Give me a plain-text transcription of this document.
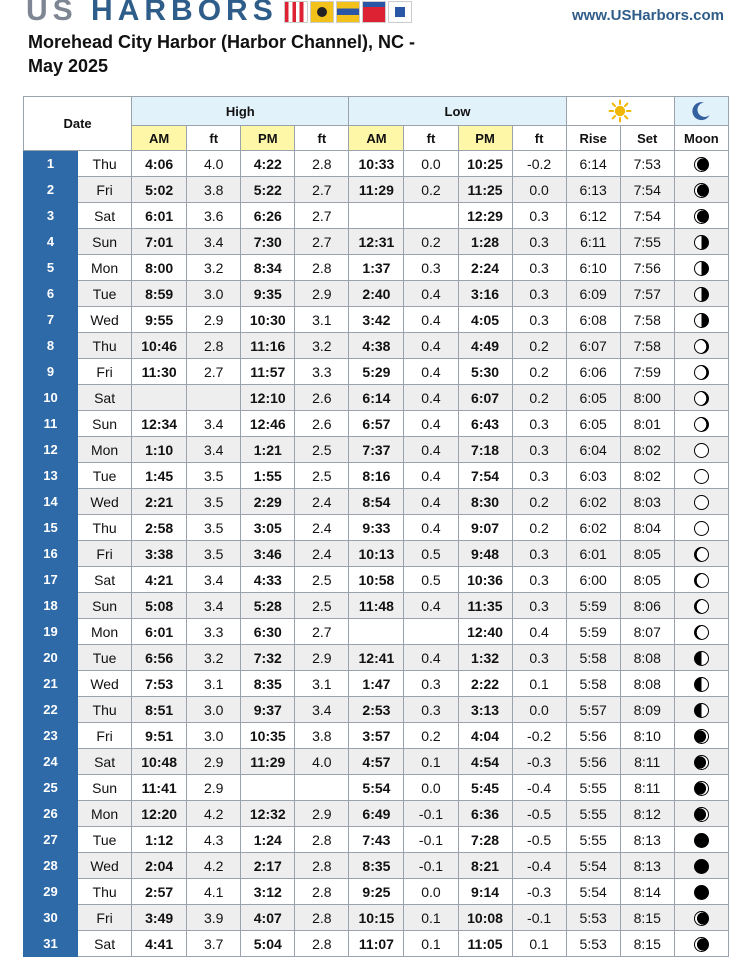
US HARBORS	www.USHarbors.com
Morehead City Harbor (Harbor Channel), NC -
May 2025
Date		High				Low		
		AM	ft	PM	ft	AM	ft	PM	ft	Rise	Set	Moon
1	Thu	4:06	4.0	4:22	2.8	10:33	0.0	10:25	-0.2	6:14	7:53	
2	Fri	5:02	3.8	5:22	2.7	11:29	0.2	11:25	0.0	6:13	7:54	
3	Sat	6:01	3.6	6:26	2.7			12:29	0.3	6:12	7:54	
4	Sun	7:01	3.4	7:30	2.7	12:31	0.2	1:28	0.3	6:11	7:55	
5	Mon	8:00	3.2	8:34	2.8	1:37	0.3	2:24	0.3	6:10	7:56	
6	Tue	8:59	3.0	9:35	2.9	2:40	0.4	3:16	0.3	6:09	7:57	
7	Wed	9:55	2.9	10:30	3.1	3:42	0.4	4:05	0.3	6:08	7:58	
8	Thu	10:46	2.8	11:16	3.2	4:38	0.4	4:49	0.2	6:07	7:58	
9	Fri	11:30	2.7	11:57	3.3	5:29	0.4	5:30	0.2	6:06	7:59	
10	Sat			12:10	2.6	6:14	0.4	6:07	0.2	6:05	8:00	
11	Sun	12:34	3.4	12:46	2.6	6:57	0.4	6:43	0.3	6:05	8:01	
12	Mon	1:10	3.4	1:21	2.5	7:37	0.4	7:18	0.3	6:04	8:02	
13	Tue	1:45	3.5	1:55	2.5	8:16	0.4	7:54	0.3	6:03	8:02	
14	Wed	2:21	3.5	2:29	2.4	8:54	0.4	8:30	0.2	6:02	8:03	
15	Thu	2:58	3.5	3:05	2.4	9:33	0.4	9:07	0.2	6:02	8:04	
16	Fri	3:38	3.5	3:46	2.4	10:13	0.5	9:48	0.3	6:01	8:05	
17	Sat	4:21	3.4	4:33	2.5	10:58	0.5	10:36	0.3	6:00	8:05	
18	Sun	5:08	3.4	5:28	2.5	11:48	0.4	11:35	0.3	5:59	8:06	
19	Mon	6:01	3.3	6:30	2.7			12:40	0.4	5:59	8:07	
20	Tue	6:56	3.2	7:32	2.9	12:41	0.4	1:32	0.3	5:58	8:08	
21	Wed	7:53	3.1	8:35	3.1	1:47	0.3	2:22	0.1	5:58	8:08	
22	Thu	8:51	3.0	9:37	3.4	2:53	0.3	3:13	0.0	5:57	8:09	
23	Fri	9:51	3.0	10:35	3.8	3:57	0.2	4:04	-0.2	5:56	8:10	
24	Sat	10:48	2.9	11:29	4.0	4:57	0.1	4:54	-0.3	5:56	8:11	
25	Sun	11:41	2.9			5:54	0.0	5:45	-0.4	5:55	8:11	
26	Mon	12:20	4.2	12:32	2.9	6:49	-0.1	6:36	-0.5	5:55	8:12	
27	Tue	1:12	4.3	1:24	2.8	7:43	-0.1	7:28	-0.5	5:55	8:13	
28	Wed	2:04	4.2	2:17	2.8	8:35	-0.1	8:21	-0.4	5:54	8:13	
29	Thu	2:57	4.1	3:12	2.8	9:25	0.0	9:14	-0.3	5:54	8:14	
30	Fri	3:49	3.9	4:07	2.8	10:15	0.1	10:08	-0.1	5:53	8:15	
31	Sat	4:41	3.7	5:04	2.8	11:07	0.1	11:05	0.1	5:53	8:15	
